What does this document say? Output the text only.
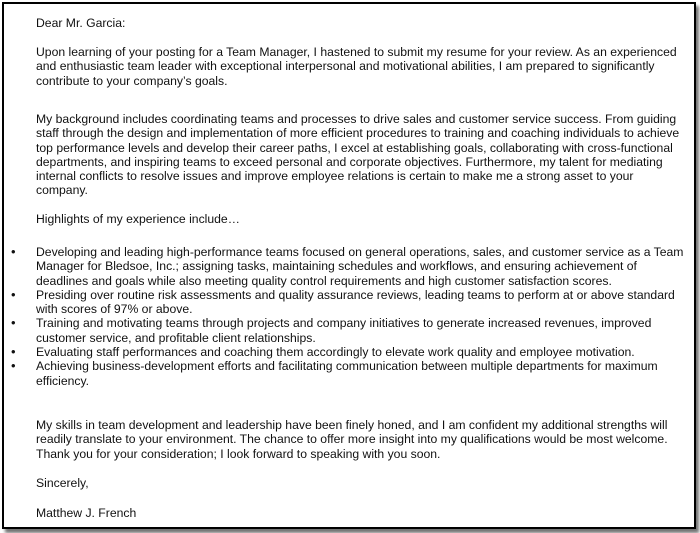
Dear Mr. Garcia:

Upon learning of your posting for a Team Manager, I hastened to submit my resume for your review. As an experienced and enthusiastic team leader with exceptional interpersonal and motivational abilities, I am prepared to significantly contribute to your company’s goals.

My background includes coordinating teams and processes to drive sales and customer service success. From guiding staff through the design and implementation of more efficient procedures to training and coaching individuals to achieve top performance levels and develop their career paths, I excel at establishing goals, collaborating with cross-functional departments, and inspiring teams to exceed personal and corporate objectives. Furthermore, my talent for mediating internal conflicts to resolve issues and improve employee relations is certain to make me a strong asset to your company.

Highlights of my experience include…

• Developing and leading high-performance teams focused on general operations, sales, and customer service as a Team Manager for Bledsoe, Inc.; assigning tasks, maintaining schedules and workflows, and ensuring achievement of deadlines and goals while also meeting quality control requirements and high customer satisfaction scores.
• Presiding over routine risk assessments and quality assurance reviews, leading teams to perform at or above standard with scores of 97% or above.
• Training and motivating teams through projects and company initiatives to generate increased revenues, improved customer service, and profitable client relationships.
• Evaluating staff performances and coaching them accordingly to elevate work quality and employee motivation.
• Achieving business-development efforts and facilitating communication between multiple departments for maximum efficiency.

My skills in team development and leadership have been finely honed, and I am confident my additional strengths will readily translate to your environment. The chance to offer more insight into my qualifications would be most welcome. Thank you for your consideration; I look forward to speaking with you soon.

Sincerely,

Matthew J. French
